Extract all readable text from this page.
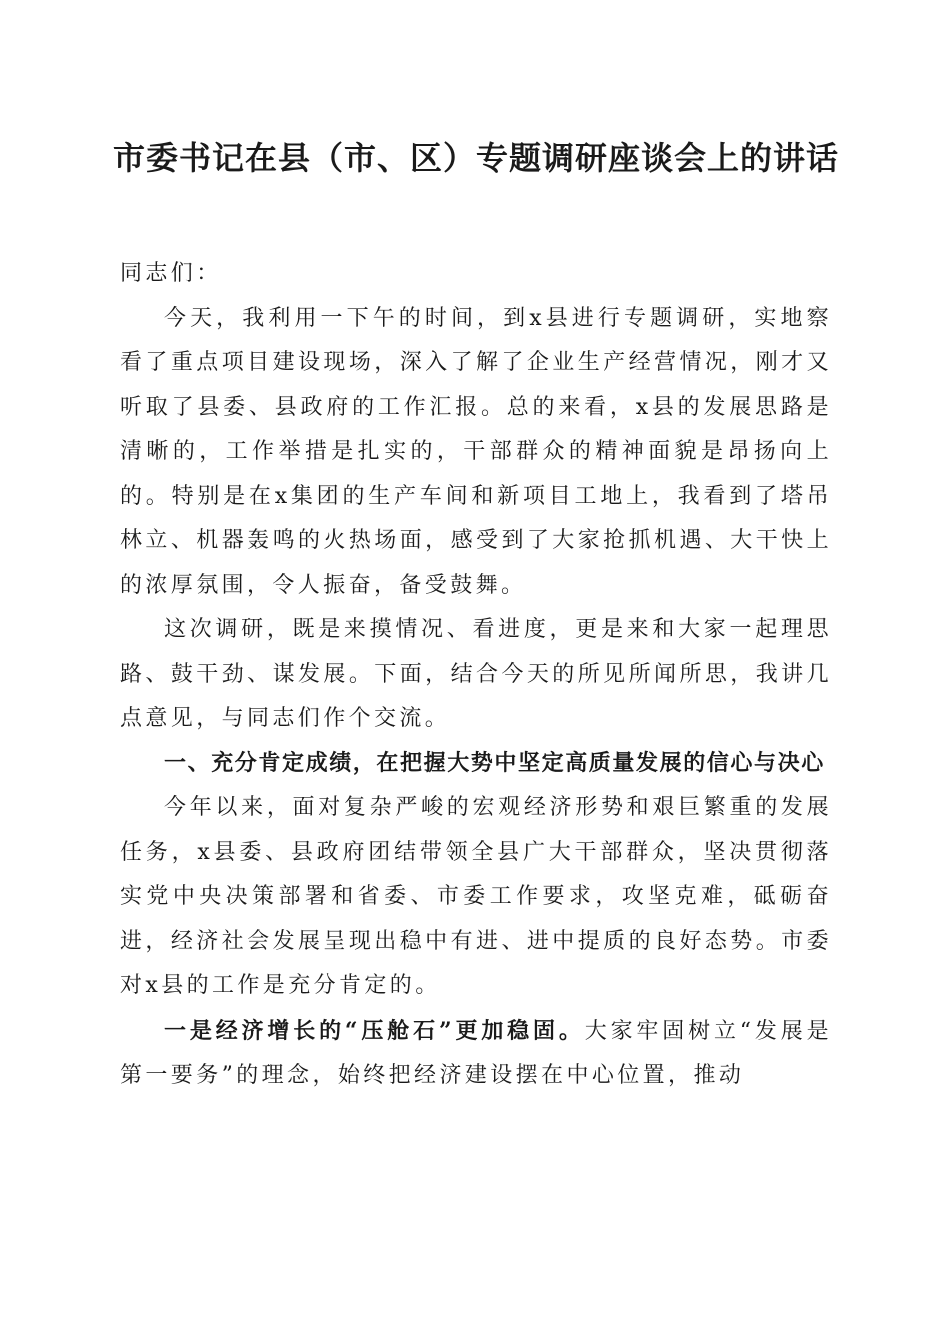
市委书记在县（市、区）专题调研座谈会上的讲话

同志们：

今天，我利用一下午的时间，到x县进行专题调研，实地察看了重点项目建设现场，深入了解了企业生产经营情况，刚才又听取了县委、县政府的工作汇报。总的来看，x县的发展思路是清晰的，工作举措是扎实的，干部群众的精神面貌是昂扬向上的。特别是在x集团的生产车间和新项目工地上，我看到了塔吊林立、机器轰鸣的火热场面，感受到了大家抢抓机遇、大干快上的浓厚氛围，令人振奋，备受鼓舞。

这次调研，既是来摸情况、看进度，更是来和大家一起理思路、鼓干劲、谋发展。下面，结合今天的所见所闻所思，我讲几点意见，与同志们作个交流。

一、充分肯定成绩，在把握大势中坚定高质量发展的信心与决心

今年以来，面对复杂严峻的宏观经济形势和艰巨繁重的发展任务，x县委、县政府团结带领全县广大干部群众，坚决贯彻落实党中央决策部署和省委、市委工作要求，攻坚克难，砥砺奋进，经济社会发展呈现出稳中有进、进中提质的良好态势。市委对x县的工作是充分肯定的。

一是经济增长的“压舱石”更加稳固。大家牢固树立“发展是第一要务”的理念，始终把经济建设摆在中心位置，推动
